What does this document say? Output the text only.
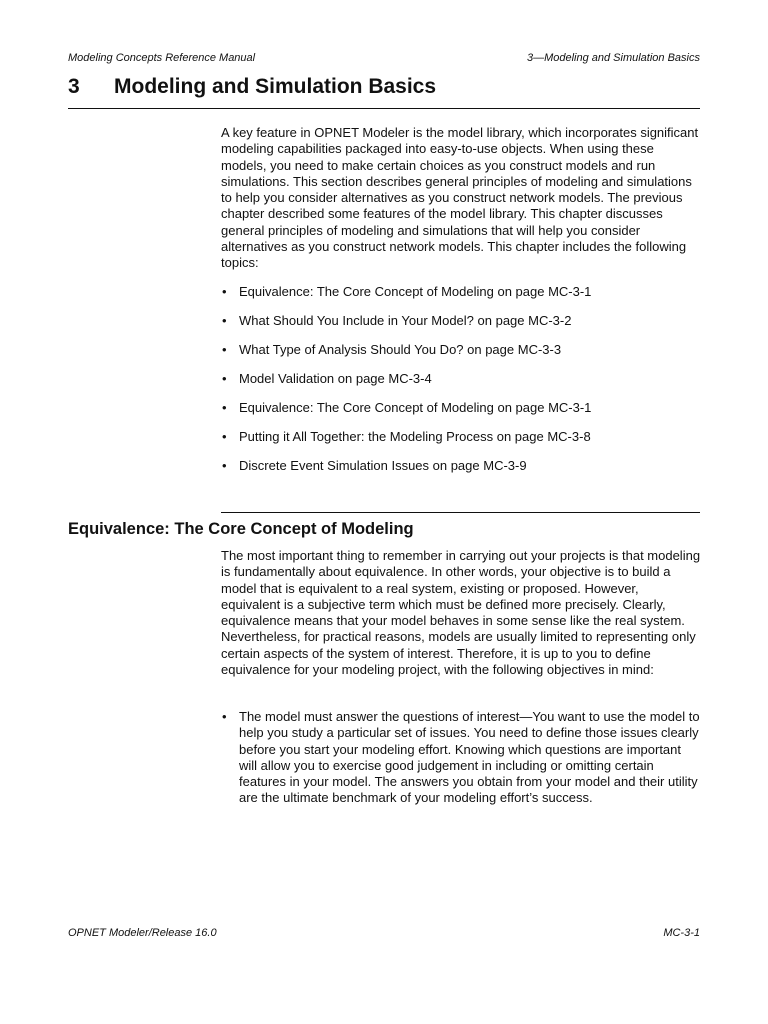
Modeling Concepts Reference Manual	3—Modeling and Simulation Basics
3 Modeling and Simulation Basics

A key feature in OPNET Modeler is the model library, which incorporates significant modeling capabilities packaged into easy-to-use objects. When using these models, you need to make certain choices as you construct models and run simulations. This section describes general principles of modeling and simulations to help you consider alternatives as you construct network models. The previous chapter described some features of the model library. This chapter discusses general principles of modeling and simulations that will help you consider alternatives as you construct network models. This chapter includes the following topics:

• Equivalence: The Core Concept of Modeling on page MC-3-1
• What Should You Include in Your Model? on page MC-3-2
• What Type of Analysis Should You Do? on page MC-3-3
• Model Validation on page MC-3-4
• Equivalence: The Core Concept of Modeling on page MC-3-1
• Putting it All Together: the Modeling Process on page MC-3-8
• Discrete Event Simulation Issues on page MC-3-9
Equivalence: The Core Concept of Modeling

The most important thing to remember in carrying out your projects is that modeling is fundamentally about equivalence. In other words, your objective is to build a model that is equivalent to a real system, existing or proposed. However, equivalent is a subjective term which must be defined more precisely. Clearly, equivalence means that your model behaves in some sense like the real system. Nevertheless, for practical reasons, models are usually limited to representing only certain aspects of the system of interest. Therefore, it is up to you to define equivalence for your modeling project, with the following objectives in mind:

• The model must answer the questions of interest—You want to use the model to help you study a particular set of issues. You need to define those issues clearly before you start your modeling effort. Knowing which questions are important will allow you to exercise good judgement in including or omitting certain features in your model. The answers you obtain from your model and their utility are the ultimate benchmark of your modeling effort’s success.
OPNET Modeler/Release 16.0	MC-3-1
